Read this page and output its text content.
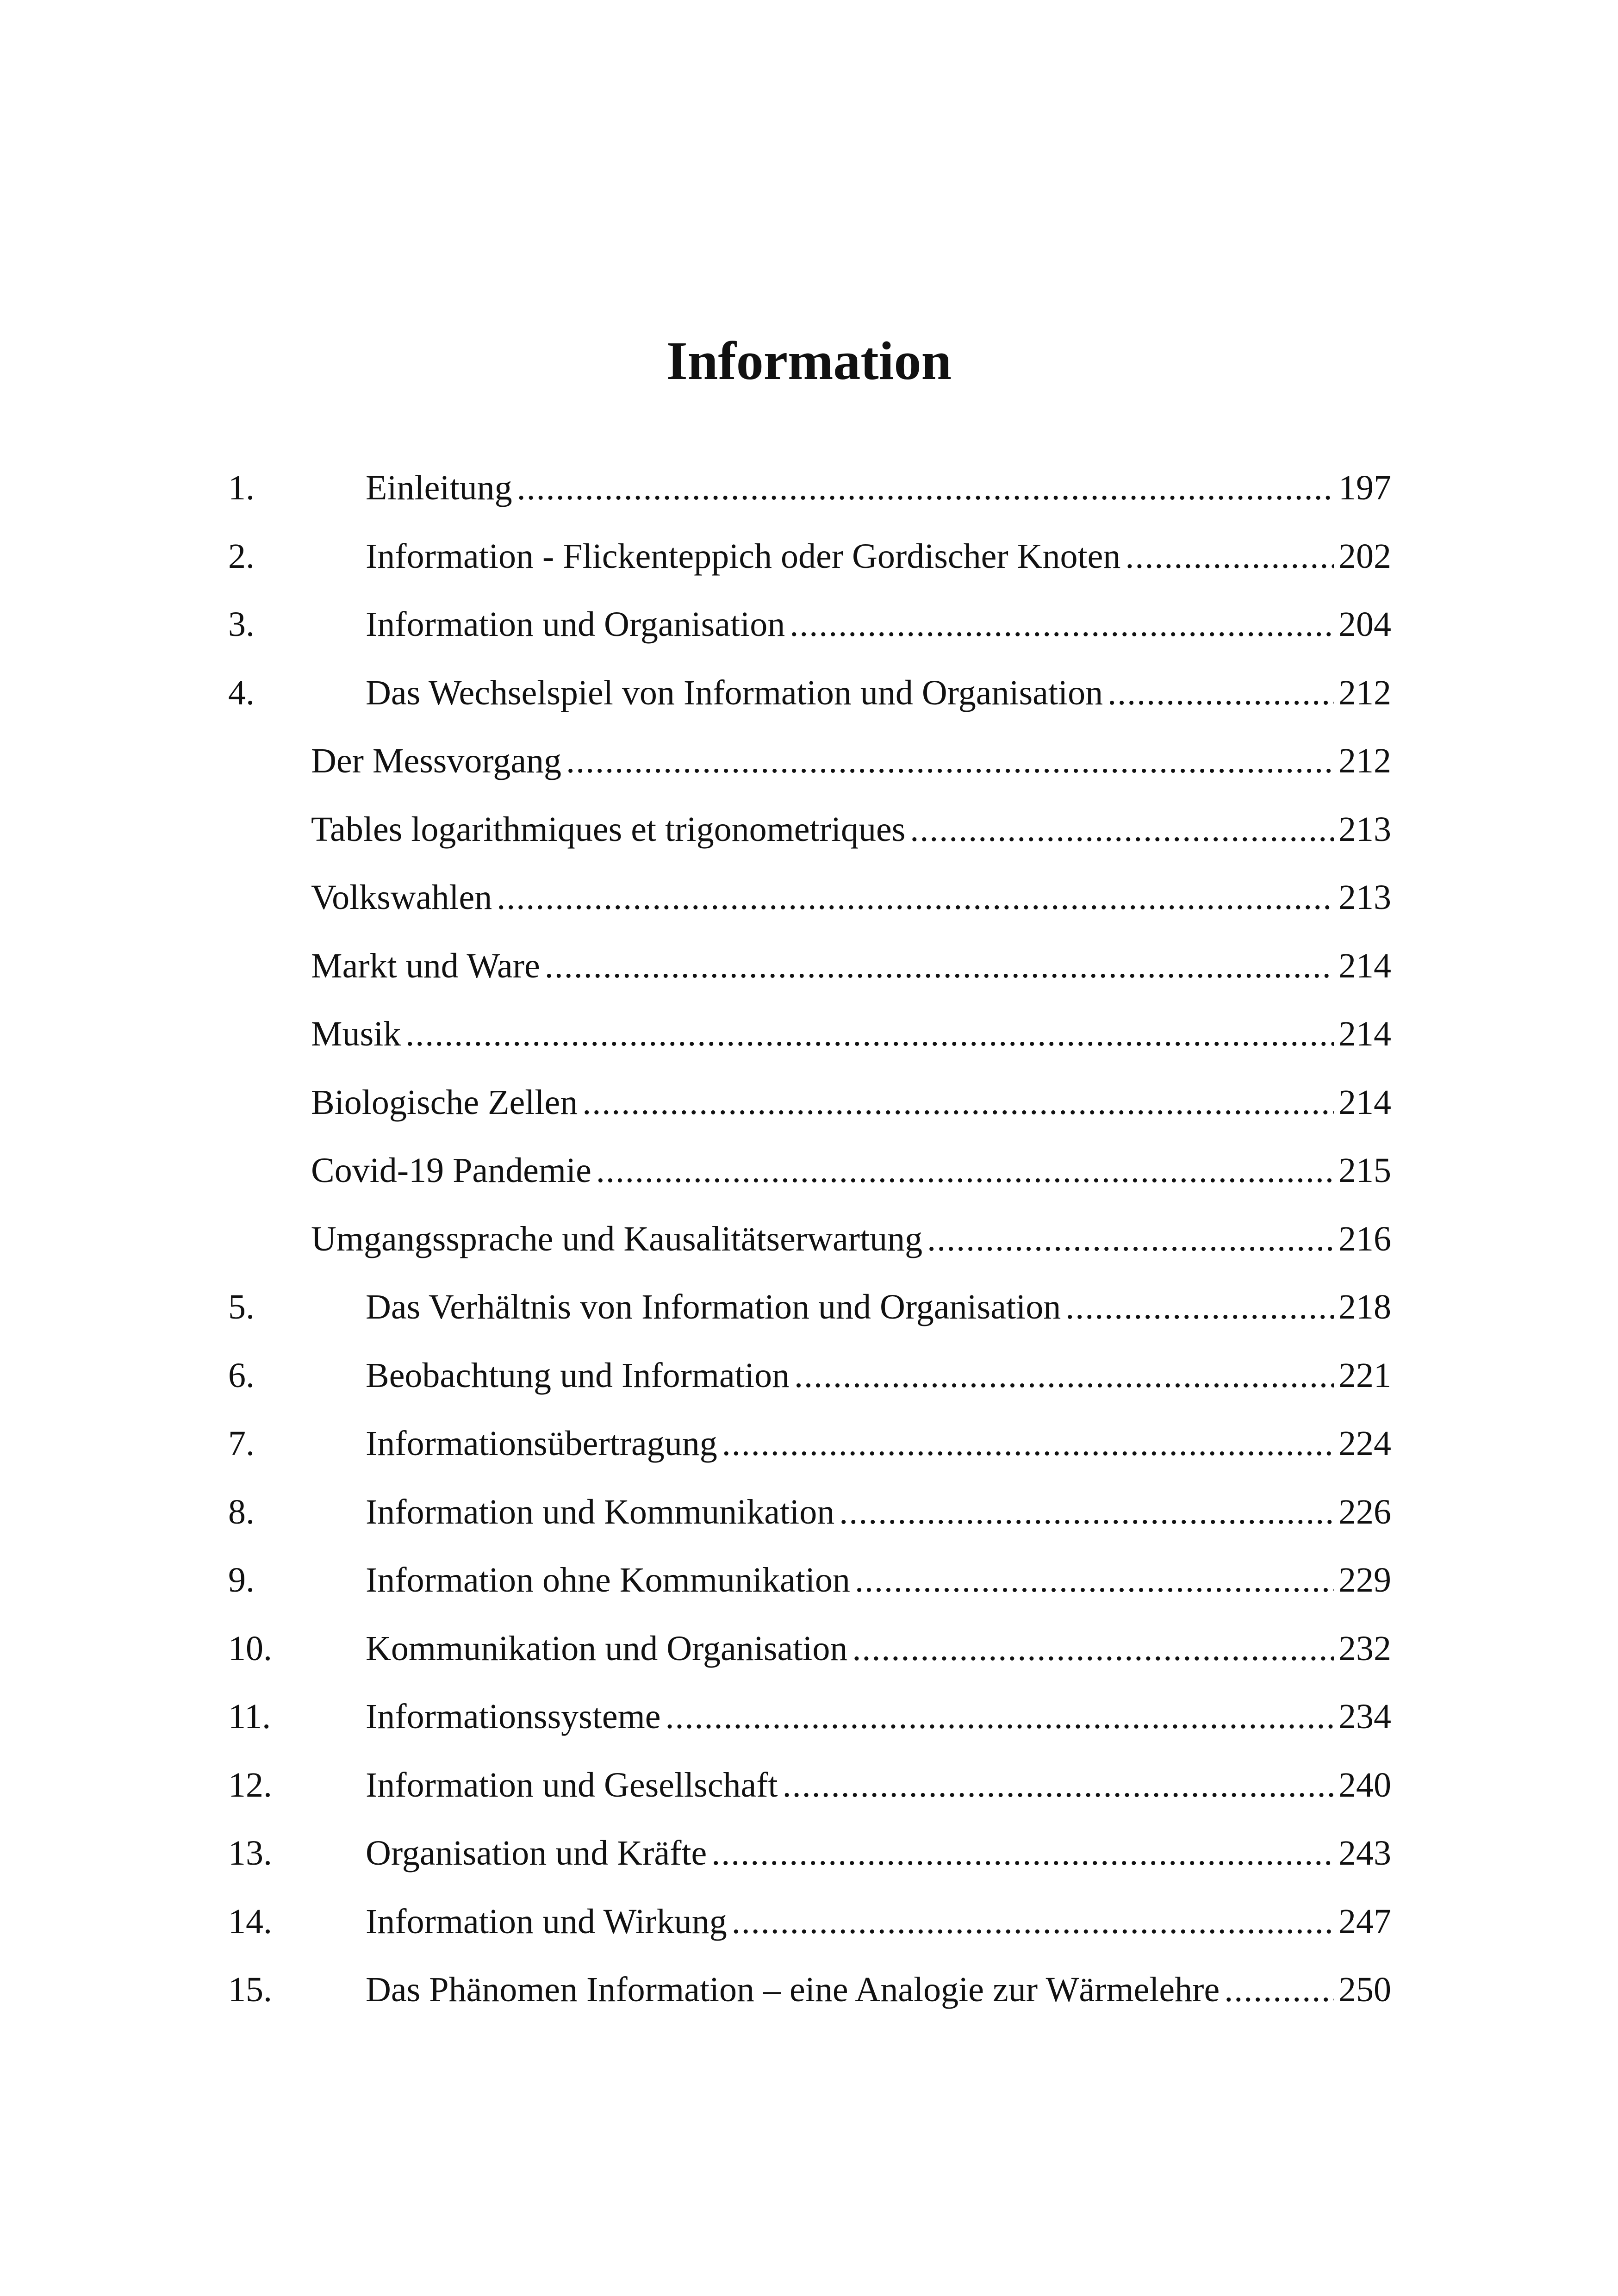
Information
1.	Einleitung .....	197
2.	Information - Flickenteppich oder Gordischer Knoten .....	202
3.	Information und Organisation .....	204
4.	Das Wechselspiel von Information und Organisation .....	212
Der Messvorgang .....	212
Tables logarithmiques et trigonometriques .....	213
Volkswahlen .....	213
Markt und Ware .....	214
Musik .....	214
Biologische Zellen .....	214
Covid-19 Pandemie .....	215
Umgangssprache und Kausalitätserwartung .....	216
5.	Das Verhältnis von Information und Organisation .....	218
6.	Beobachtung und Information .....	221
7.	Informationsübertragung .....	224
8.	Information und Kommunikation .....	226
9.	Information ohne Kommunikation .....	229
10.	Kommunikation und Organisation .....	232
11.	Informationssysteme .....	234
12.	Information und Gesellschaft .....	240
13.	Organisation und Kräfte .....	243
14.	Information und Wirkung .....	247
15.	Das Phänomen Information – eine Analogie zur Wärmelehre .....	250
